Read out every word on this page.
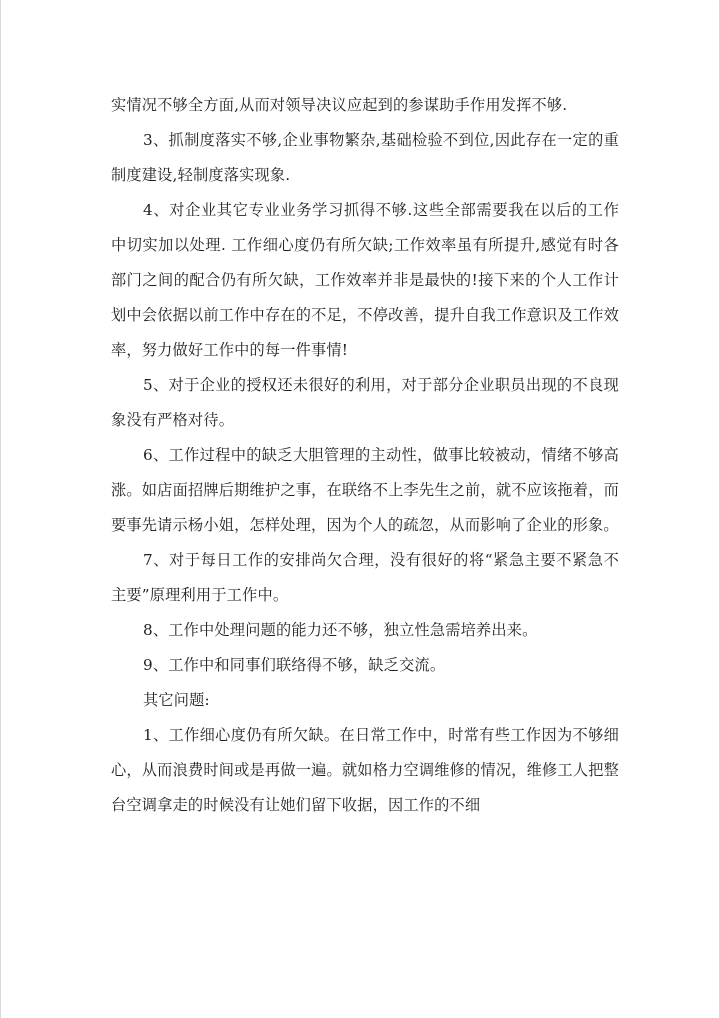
实情况不够全方面,从而对领导决议应起到的参谋助手作用发挥不够.

3、抓制度落实不够,企业事物繁杂,基础检验不到位,因此存在一定的重制度建设,轻制度落实现象.

4、对企业其它专业业务学习抓得不够.这些全部需要我在以后的工作中切实加以处理. 工作细心度仍有所欠缺;工作效率虽有所提升,感觉有时各部门之间的配合仍有所欠缺，工作效率并非是最快的!接下来的个人工作计划中会依据以前工作中存在的不足，不停改善，提升自我工作意识及工作效率，努力做好工作中的每一件事情!

5、对于企业的授权还未很好的利用，对于部分企业职员出现的不良现象没有严格对待。

6、工作过程中的缺乏大胆管理的主动性，做事比较被动，情绪不够高涨。如店面招牌后期维护之事，在联络不上李先生之前，就不应该拖着，而要事先请示杨小姐，怎样处理，因为个人的疏忽，从而影响了企业的形象。

7、对于每日工作的安排尚欠合理，没有很好的将“紧急主要不紧急不主要”原理利用于工作中。

8、工作中处理问题的能力还不够，独立性急需培养出来。

9、工作中和同事们联络得不够，缺乏交流。

其它问题:

1、工作细心度仍有所欠缺。在日常工作中，时常有些工作因为不够细心，从而浪费时间或是再做一遍。就如格力空调维修的情况，维修工人把整台空调拿走的时候没有让她们留下收据，因工作的不细
